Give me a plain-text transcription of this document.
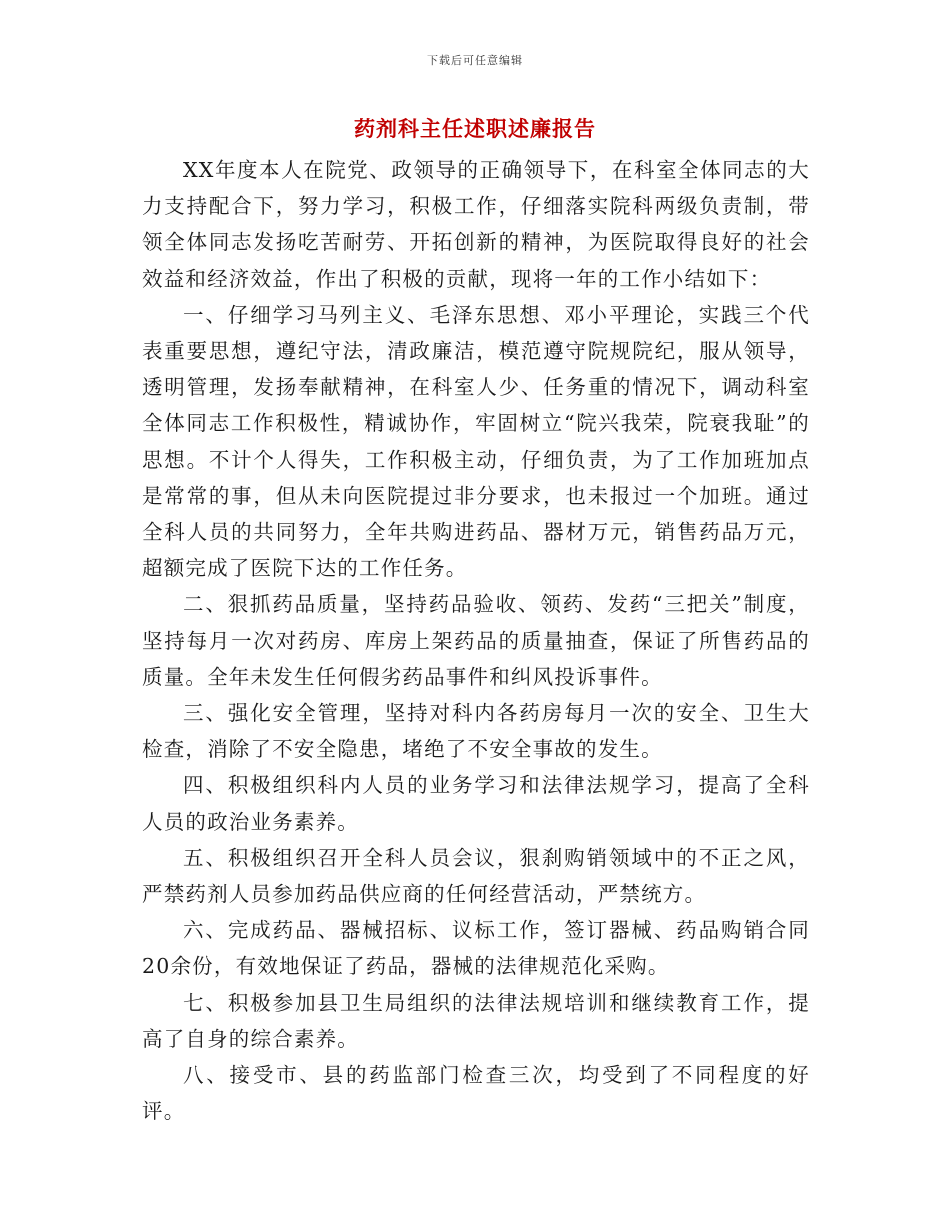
下载后可任意编辑
药剂科主任述职述廉报告

XX年度本人在院党、政领导的正确领导下，在科室全体同志的大力支持配合下，努力学习，积极工作，仔细落实院科两级负责制，带领全体同志发扬吃苦耐劳、开拓创新的精神，为医院取得良好的社会效益和经济效益，作出了积极的贡献，现将一年的工作小结如下：

一、仔细学习马列主义、毛泽东思想、邓小平理论，实践三个代表重要思想，遵纪守法，清政廉洁，模范遵守院规院纪，服从领导，透明管理，发扬奉献精神，在科室人少、任务重的情况下，调动科室全体同志工作积极性，精诚协作，牢固树立“院兴我荣，院衰我耻”的思想。不计个人得失，工作积极主动，仔细负责，为了工作加班加点是常常的事，但从未向医院提过非分要求，也未报过一个加班。通过全科人员的共同努力，全年共购进药品、器材万元，销售药品万元，超额完成了医院下达的工作任务。

二、狠抓药品质量，坚持药品验收、领药、发药“三把关”制度，坚持每月一次对药房、库房上架药品的质量抽查，保证了所售药品的质量。全年未发生任何假劣药品事件和纠风投诉事件。

三、强化安全管理，坚持对科内各药房每月一次的安全、卫生大检查，消除了不安全隐患，堵绝了不安全事故的发生。

四、积极组织科内人员的业务学习和法律法规学习，提高了全科人员的政治业务素养。

五、积极组织召开全科人员会议，狠刹购销领域中的不正之风，严禁药剂人员参加药品供应商的任何经营活动，严禁统方。

六、完成药品、器械招标、议标工作，签订器械、药品购销合同20余份，有效地保证了药品，器械的法律规范化采购。

七、积极参加县卫生局组织的法律法规培训和继续教育工作，提高了自身的综合素养。

八、接受市、县的药监部门检查三次，均受到了不同程度的好评。
